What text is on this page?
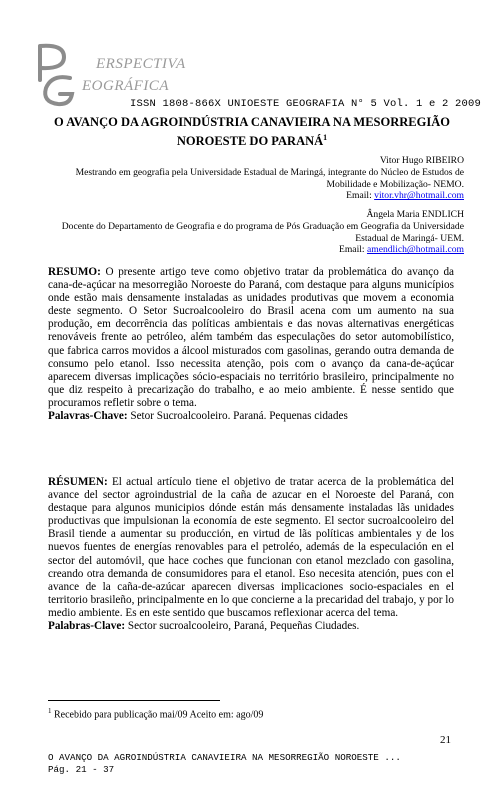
ERSPECTIVA
EOGRÁFICA
ISSN 1808-866X UNIOESTE GEOGRAFIA N° 5 Vol. 1 e 2 2009
O AVANÇO DA AGROINDÚSTRIA CANAVIEIRA NA MESORREGIÃO
NOROESTE DO PARANÁ$^1$
Vitor Hugo RIBEIRO
Mestrando em geografia pela Universidade Estadual de Maringá, integrante do Núcleo de Estudos de
Mobilidade e Mobilização- NEMO.
Email: vitor.vhr@hotmail.com
Ângela Maria ENDLICH
Docente do Departamento de Geografia e do programa de Pós Graduação em Geografia da Universidade
Estadual de Maringá- UEM.
Email: amendlich@hotmail.com
RESUMO: O presente artigo teve como objetivo tratar da problemática do avanço da cana-de-açúcar na mesorregião Noroeste do Paraná, com destaque para alguns municípios onde estão mais densamente instaladas as unidades produtivas que movem a economia deste segmento. O Setor Sucroalcooleiro do Brasil acena com um aumento na sua produção, em decorrência das políticas ambientais e das novas alternativas energéticas renováveis frente ao petróleo, além também das especulações do setor automobilístico, que fabrica carros movidos a álcool misturados com gasolinas, gerando outra demanda de consumo pelo etanol. Isso necessita atenção, pois com o avanço da cana-de-açúcar aparecem diversas implicações sócio-espaciais no território brasileiro, principalmente no que diz respeito à precarização do trabalho, e ao meio ambiente. É nesse sentido que procuramos refletir sobre o tema.
Palavras-Chave: Setor Sucroalcooleiro. Paraná. Pequenas cidades
RÉSUMEN: El actual artículo tiene el objetivo de tratar acerca de la problemática del avance del sector agroindustrial de la caña de azucar en el Noroeste del Paraná, con destaque para algunos municipios dónde están más densamente instaladas lãs unidades productivas que impulsionan la economía de este segmento. El sector sucroalcooleiro del Brasil tiende a aumentar su producción, en virtud de lãs políticas ambientales y de los nuevos fuentes de energías renovables para el petroléo, además de la especulación en el sector del automóvil, que hace coches que funcionan con etanol mezclado con gasolina, creando otra demanda de consumidores para el etanol. Eso necesita atención, pues con el avance de la caña-de-azúcar aparecen diversas implicaciones socio-espaciales en el territorio brasileño, principalmente en lo que concierne a la precaridad del trabajo, y por lo medio ambiente. Es en este sentido que buscamos reflexionar acerca del tema.
Palabras-Clave: Sector sucroalcooleiro, Paraná, Pequeñas Ciudades.
$^1$ Recebido para publicação mai/09 Aceito em: ago/09
21
O AVANÇO DA AGROINDÚSTRIA CANAVIEIRA NA MESORREGIÃO NOROESTE ...
Pág. 21 - 37
